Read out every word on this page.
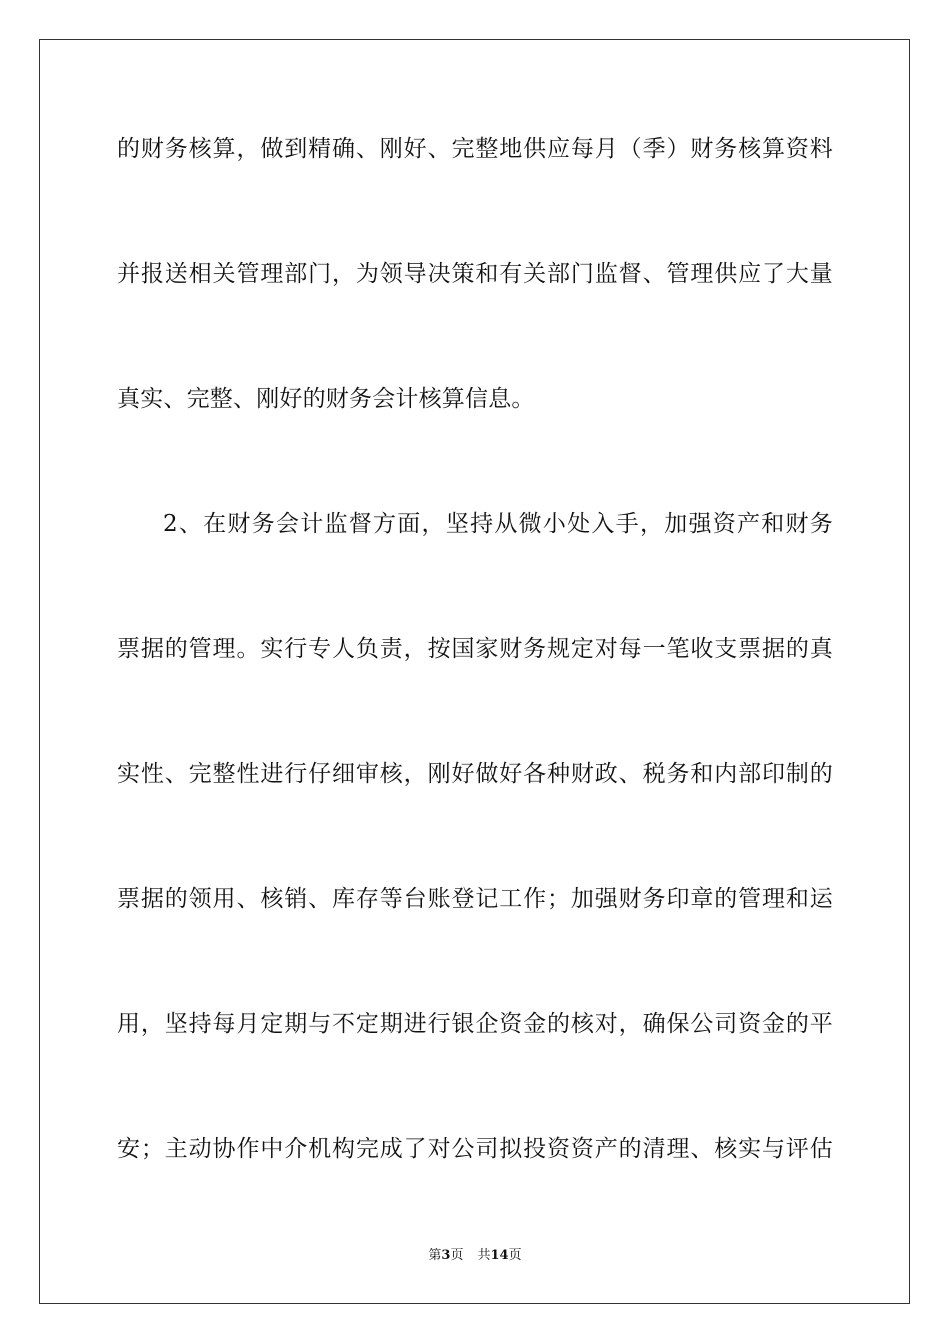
的财务核算，做到精确、刚好、完整地供应每月（季）财务核算资料
并报送相关管理部门，为领导决策和有关部门监督、管理供应了大量
真实、完整、刚好的财务会计核算信息。
2、在财务会计监督方面，坚持从微小处入手，加强资产和财务
票据的管理。实行专人负责，按国家财务规定对每一笔收支票据的真
实性、完整性进行仔细审核，刚好做好各种财政、税务和内部印制的
票据的领用、核销、库存等台账登记工作；加强财务印章的管理和运
用，坚持每月定期与不定期进行银企资金的核对，确保公司资金的平
安；主动协作中介机构完成了对公司拟投资资产的清理、核实与评估
第3页 共14页
